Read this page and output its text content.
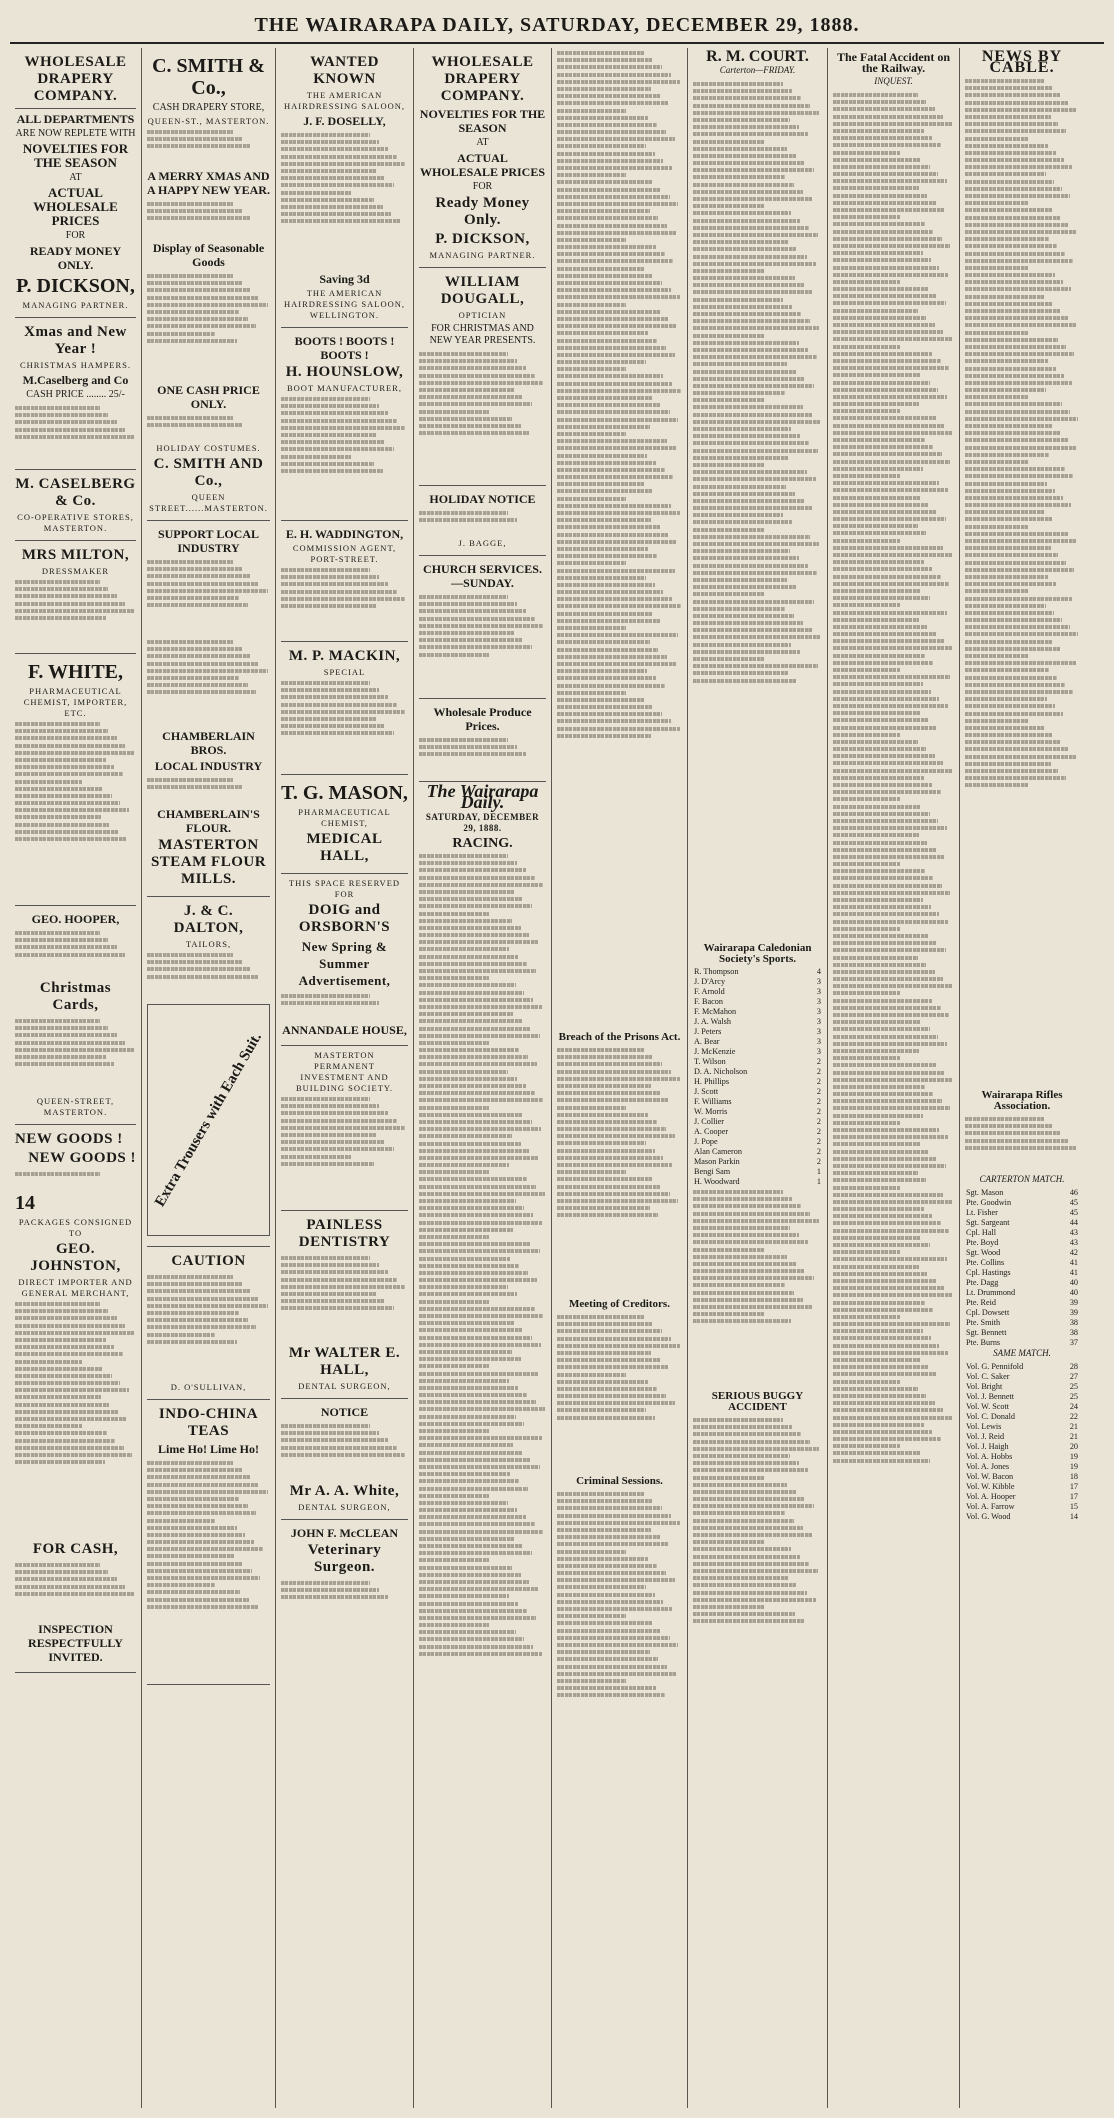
THE WAIRARAPA DAILY, SATURDAY, DECEMBER 29, 1888.
WHOLESALE DRAPERY COMPANY.
ALL DEPARTMENTS
ARE NOW REPLETE WITH
NOVELTIES FOR THE SEASON
AT
ACTUAL WHOLESALE PRICES
FOR
READY MONEY ONLY.
P. DICKSON,
MANAGING PARTNER.
Xmas and New Year !
CHRISTMAS HAMPERS.
M.Caselberg and Co
CASH PRICE ........ 25/-
M. CASELBERG & Co.
CO-OPERATIVE STORES,
MASTERTON.
MRS MILTON,
DRESSMAKER
F. WHITE,
PHARMACEUTICAL CHEMIST, IMPORTER, ETC.
GEO. HOOPER,
Christmas Cards,
QUEEN-STREET, MASTERTON.
NEW GOODS !
NEW GOODS !
14
PACKAGES CONSIGNED TO
GEO. JOHNSTON,
DIRECT IMPORTER AND GENERAL MERCHANT,
FOR CASH,
INSPECTION RESPECTFULLY INVITED.
C. SMITH & Co.,
CASH DRAPERY STORE,
QUEEN-ST., MASTERTON.
A MERRY XMAS AND A HAPPY NEW YEAR.
Display of Seasonable Goods
ONE CASH PRICE ONLY.
HOLIDAY COSTUMES.
C. SMITH AND Co.,
QUEEN STREET......MASTERTON.
SUPPORT LOCAL INDUSTRY
CHAMBERLAIN BROS.
LOCAL INDUSTRY
CHAMBERLAIN'S FLOUR.
MASTERTON STEAM FLOUR MILLS.
J. & C. DALTON,
TAILORS,
Extra Trousers with Each Suit.
CAUTION
D. O'SULLIVAN,
INDO-CHINA TEAS
Lime Ho! Lime Ho!
WANTED KNOWN
THE AMERICAN HAIRDRESSING SALOON,
J. F. DOSELLY,
Saving 3d
THE AMERICAN HAIRDRESSING SALOON, WELLINGTON.
BOOTS ! BOOTS ! BOOTS !
H. HOUNSLOW,
BOOT MANUFACTURER,
E. H. WADDINGTON,
COMMISSION AGENT, PORT-STREET.
M. P. MACKIN,
SPECIAL
T. G. MASON,
PHARMACEUTICAL CHEMIST,
MEDICAL HALL,
THIS SPACE RESERVED
FOR
DOIG and ORSBORN'S
New Spring & Summer Advertisement,
ANNANDALE HOUSE,
MASTERTON
PERMANENT INVESTMENT AND BUILDING SOCIETY.
PAINLESS DENTISTRY
Mr WALTER E. HALL,
DENTAL SURGEON,
NOTICE
Mr A. A. White,
DENTAL SURGEON,
JOHN F. McCLEAN
Veterinary Surgeon.
WHOLESALE DRAPERY COMPANY.
NOVELTIES FOR THE SEASON
AT
ACTUAL WHOLESALE PRICES
FOR
Ready Money Only.
P. DICKSON,
MANAGING PARTNER.
WILLIAM DOUGALL,
OPTICIAN
FOR CHRISTMAS AND NEW YEAR PRESENTS.
HOLIDAY NOTICE
J. BAGGE,
CHURCH SERVICES.—SUNDAY.
Wholesale Produce Prices.
The Wairarapa Daily.
SATURDAY, DECEMBER 29, 1888.
RACING.
Breach of the Prisons Act.
Meeting of Creditors.
Criminal Sessions.
R. M. COURT.
Carterton—FRIDAY.
Wairarapa Caledonian Society's Sports.
R. Thompson	4
J. D'Arcy	3
F. Arnold	3
F. Bacon	3
F. McMahon	3
J. A. Walsh	3
J. Peters	3
A. Bear	3
J. McKenzie	3
T. Wilson	2
D. A. Nicholson	2
H. Phillips	2
J. Scott	2
F. Williams	2
W. Morris	2
J. Collier	2
A. Cooper	2
J. Pope	2
Alan Cameron	2
Mason Parkin	2
Bengi Sam	1
H. Woodward	1
SERIOUS BUGGY ACCIDENT
The Fatal Accident on the Railway.
INQUEST.
NEWS BY CABLE.
Wairarapa Rifles Association.
CARTERTON MATCH.
Sgt. Mason	46
Pte. Goodwin	45
Lt. Fisher	45
Sgt. Sargeant	44
Cpl. Hall	43
Pte. Boyd	43
Sgt. Wood	42
Pte. Collins	41
Cpl. Hastings	41
Pte. Dagg	40
Lt. Drummond	40
Pte. Reid	39
Cpl. Dowsett	39
Pte. Smith	38
Sgt. Bennett	38
Pte. Burns	37
SAME MATCH.
Vol. G. Pennifold	28
Vol. C. Saker	27
Vol. Bright	25
Vol. J. Bennett	25
Vol. W. Scott	24
Vol. C. Donald	22
Vol. Lewis	21
Vol. J. Reid	21
Vol. J. Haigh	20
Vol. A. Hobbs	19
Vol. A. Jones	19
Vol. W. Bacon	18
Vol. W. Kibble	17
Vol. A. Hooper	17
Vol. A. Farrow	15
Vol. G. Wood	14
